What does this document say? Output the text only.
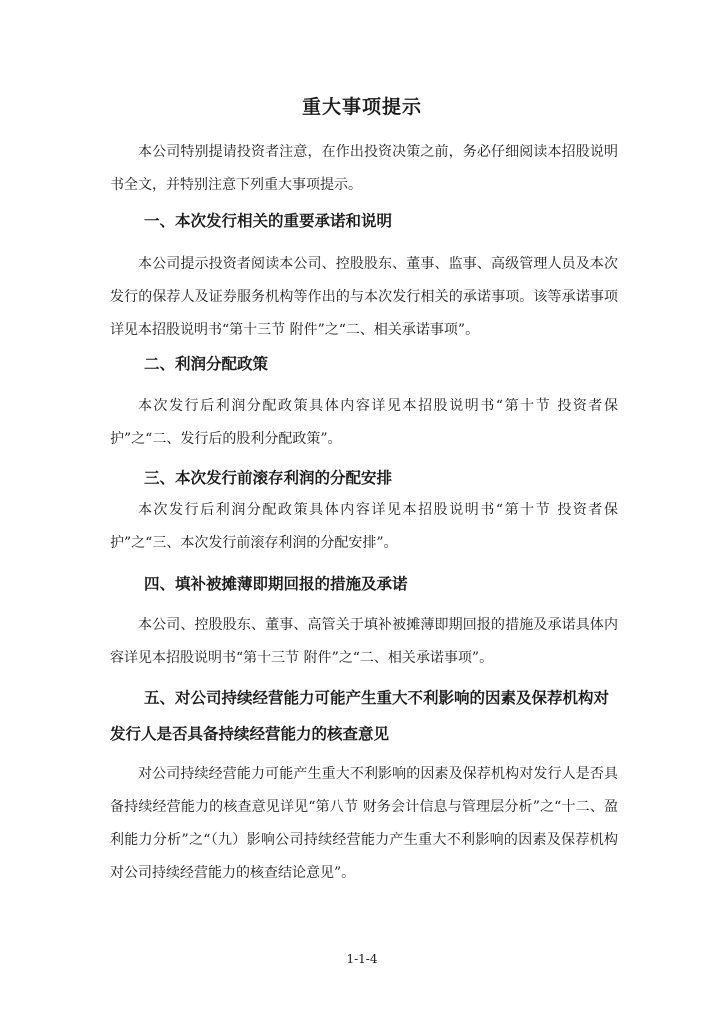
重大事项提示

本公司特别提请投资者注意，在作出投资决策之前，务必仔细阅读本招股说明书全文，并特别注意下列重大事项提示。

一、本次发行相关的重要承诺和说明

本公司提示投资者阅读本公司、控股股东、董事、监事、高级管理人员及本次发行的保荐人及证券服务机构等作出的与本次发行相关的承诺事项。该等承诺事项详见本招股说明书“第十三节 附件”之“二、相关承诺事项”。

二、利润分配政策

本次发行后利润分配政策具体内容详见本招股说明书“第十节 投资者保护”之“二、发行后的股利分配政策”。

三、本次发行前滚存利润的分配安排

本次发行后利润分配政策具体内容详见本招股说明书“第十节 投资者保护”之“三、本次发行前滚存利润的分配安排”。

四、填补被摊薄即期回报的措施及承诺

本公司、控股股东、董事、高管关于填补被摊薄即期回报的措施及承诺具体内容详见本招股说明书“第十三节 附件”之“二、相关承诺事项”。

五、对公司持续经营能力可能产生重大不利影响的因素及保荐机构对发行人是否具备持续经营能力的核查意见

对公司持续经营能力可能产生重大不利影响的因素及保荐机构对发行人是否具备持续经营能力的核查意见详见“第八节 财务会计信息与管理层分析”之“十二、盈利能力分析”之“（九）影响公司持续经营能力产生重大不利影响的因素及保荐机构对公司持续经营能力的核查结论意见”。

1-1-4
